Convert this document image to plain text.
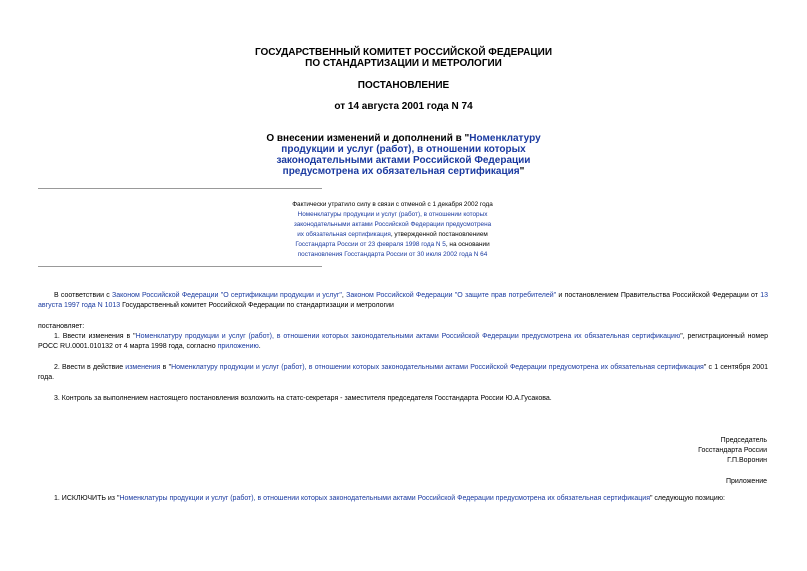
ГОСУДАРСТВЕННЫЙ КОМИТЕТ РОССИЙСКОЙ ФЕДЕРАЦИИ
ПО СТАНДАРТИЗАЦИИ И МЕТРОЛОГИИ
ПОСТАНОВЛЕНИЕ
от 14 августа 2001 года N 74
О внесении изменений и дополнений в "Номенклатуру
продукции и услуг (работ), в отношении которых
законодательными актами Российской Федерации
предусмотрена их обязательная сертификация"
Фактически утратило силу в связи с отменой с 1 декабря 2002 года
Номенклатуры продукции и услуг (работ), в отношении которых
законодательными актами Российской Федерации предусмотрена
их обязательная сертификация, утвержденной постановлением
Госстандарта России от 23 февраля 1998 года N 5, на основании
постановления Госстандарта России от 30 июля 2002 года N 64
В соответствии с Законом Российской Федерации "О сертификации продукции и услуг", Законом Российской Федерации "О защите прав потребителей" и постановлением Правительства Российской Федерации от 13 августа 1997 года N 1013 Государственный комитет Российской Федерации по стандартизации и метрологии
постановляет:
1. Ввести изменения в "Номенклатуру продукции и услуг (работ), в отношении которых законодательными актами Российской Федерации предусмотрена их обязательная сертификацию", регистрационный номер РОСС RU.0001.010132 от 4 марта 1998 года, согласно приложению.
2. Ввести в действие изменения в "Номенклатуру продукции и услуг (работ), в отношении которых законодательными актами Российской Федерации предусмотрена их обязательная сертификация" с 1 сентября 2001 года.
3. Контроль за выполнением настоящего постановления возложить на статс-секретаря - заместителя председателя Госстандарта России Ю.А.Гусакова.
Председатель
Госстандарта России
Г.П.Воронин
Приложение
1. ИСКЛЮЧИТЬ из "Номенклатуры продукции и услуг (работ), в отношении которых законодательными актами Российской Федерации предусмотрена их обязательная сертификация" следующую позицию:
